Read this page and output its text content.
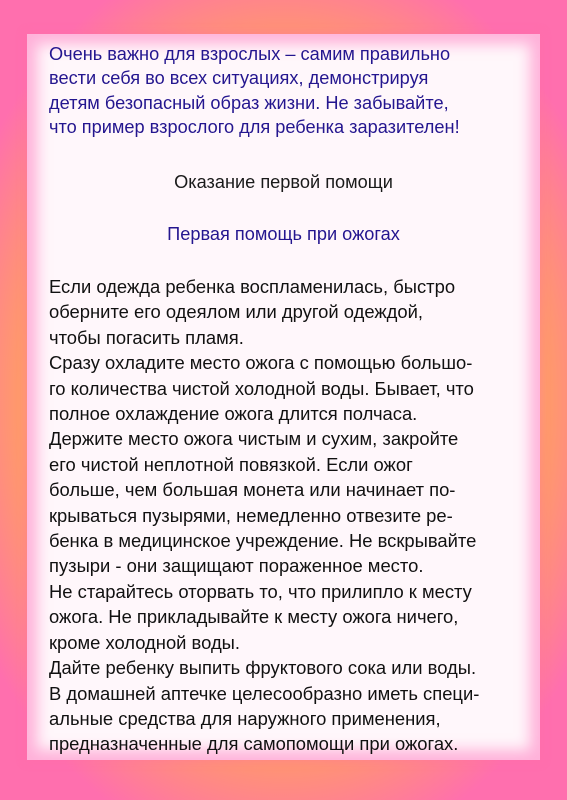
Очень важно для взрослых – самим правильно
вести себя во всех ситуациях, демонстрируя
детям безопасный образ жизни. Не забывайте,
что пример взрослого для ребенка заразителен!
Оказание первой помощи
Первая помощь при ожогах
Если одежда ребенка воспламенилась, быстро
оберните его одеялом или другой одеждой,
чтобы погасить пламя.
Сразу охладите место ожога с помощью большо-
го количества чистой холодной воды. Бывает, что
полное охлаждение ожога длится полчаса.
Держите место ожога чистым и сухим, закройте
его чистой неплотной повязкой. Если ожог
больше, чем большая монета или начинает по-
крываться пузырями, немедленно отвезите ре-
бенка в медицинское учреждение. Не вскрывайте
пузыри - они защищают пораженное место.
Не старайтесь оторвать то, что прилипло к месту
ожога. Не прикладывайте к месту ожога ничего,
кроме холодной воды.
Дайте ребенку выпить фруктового сока или воды.
В домашней аптечке целесообразно иметь специ-
альные средства для наружного применения,
предназначенные для самопомощи при ожогах.
